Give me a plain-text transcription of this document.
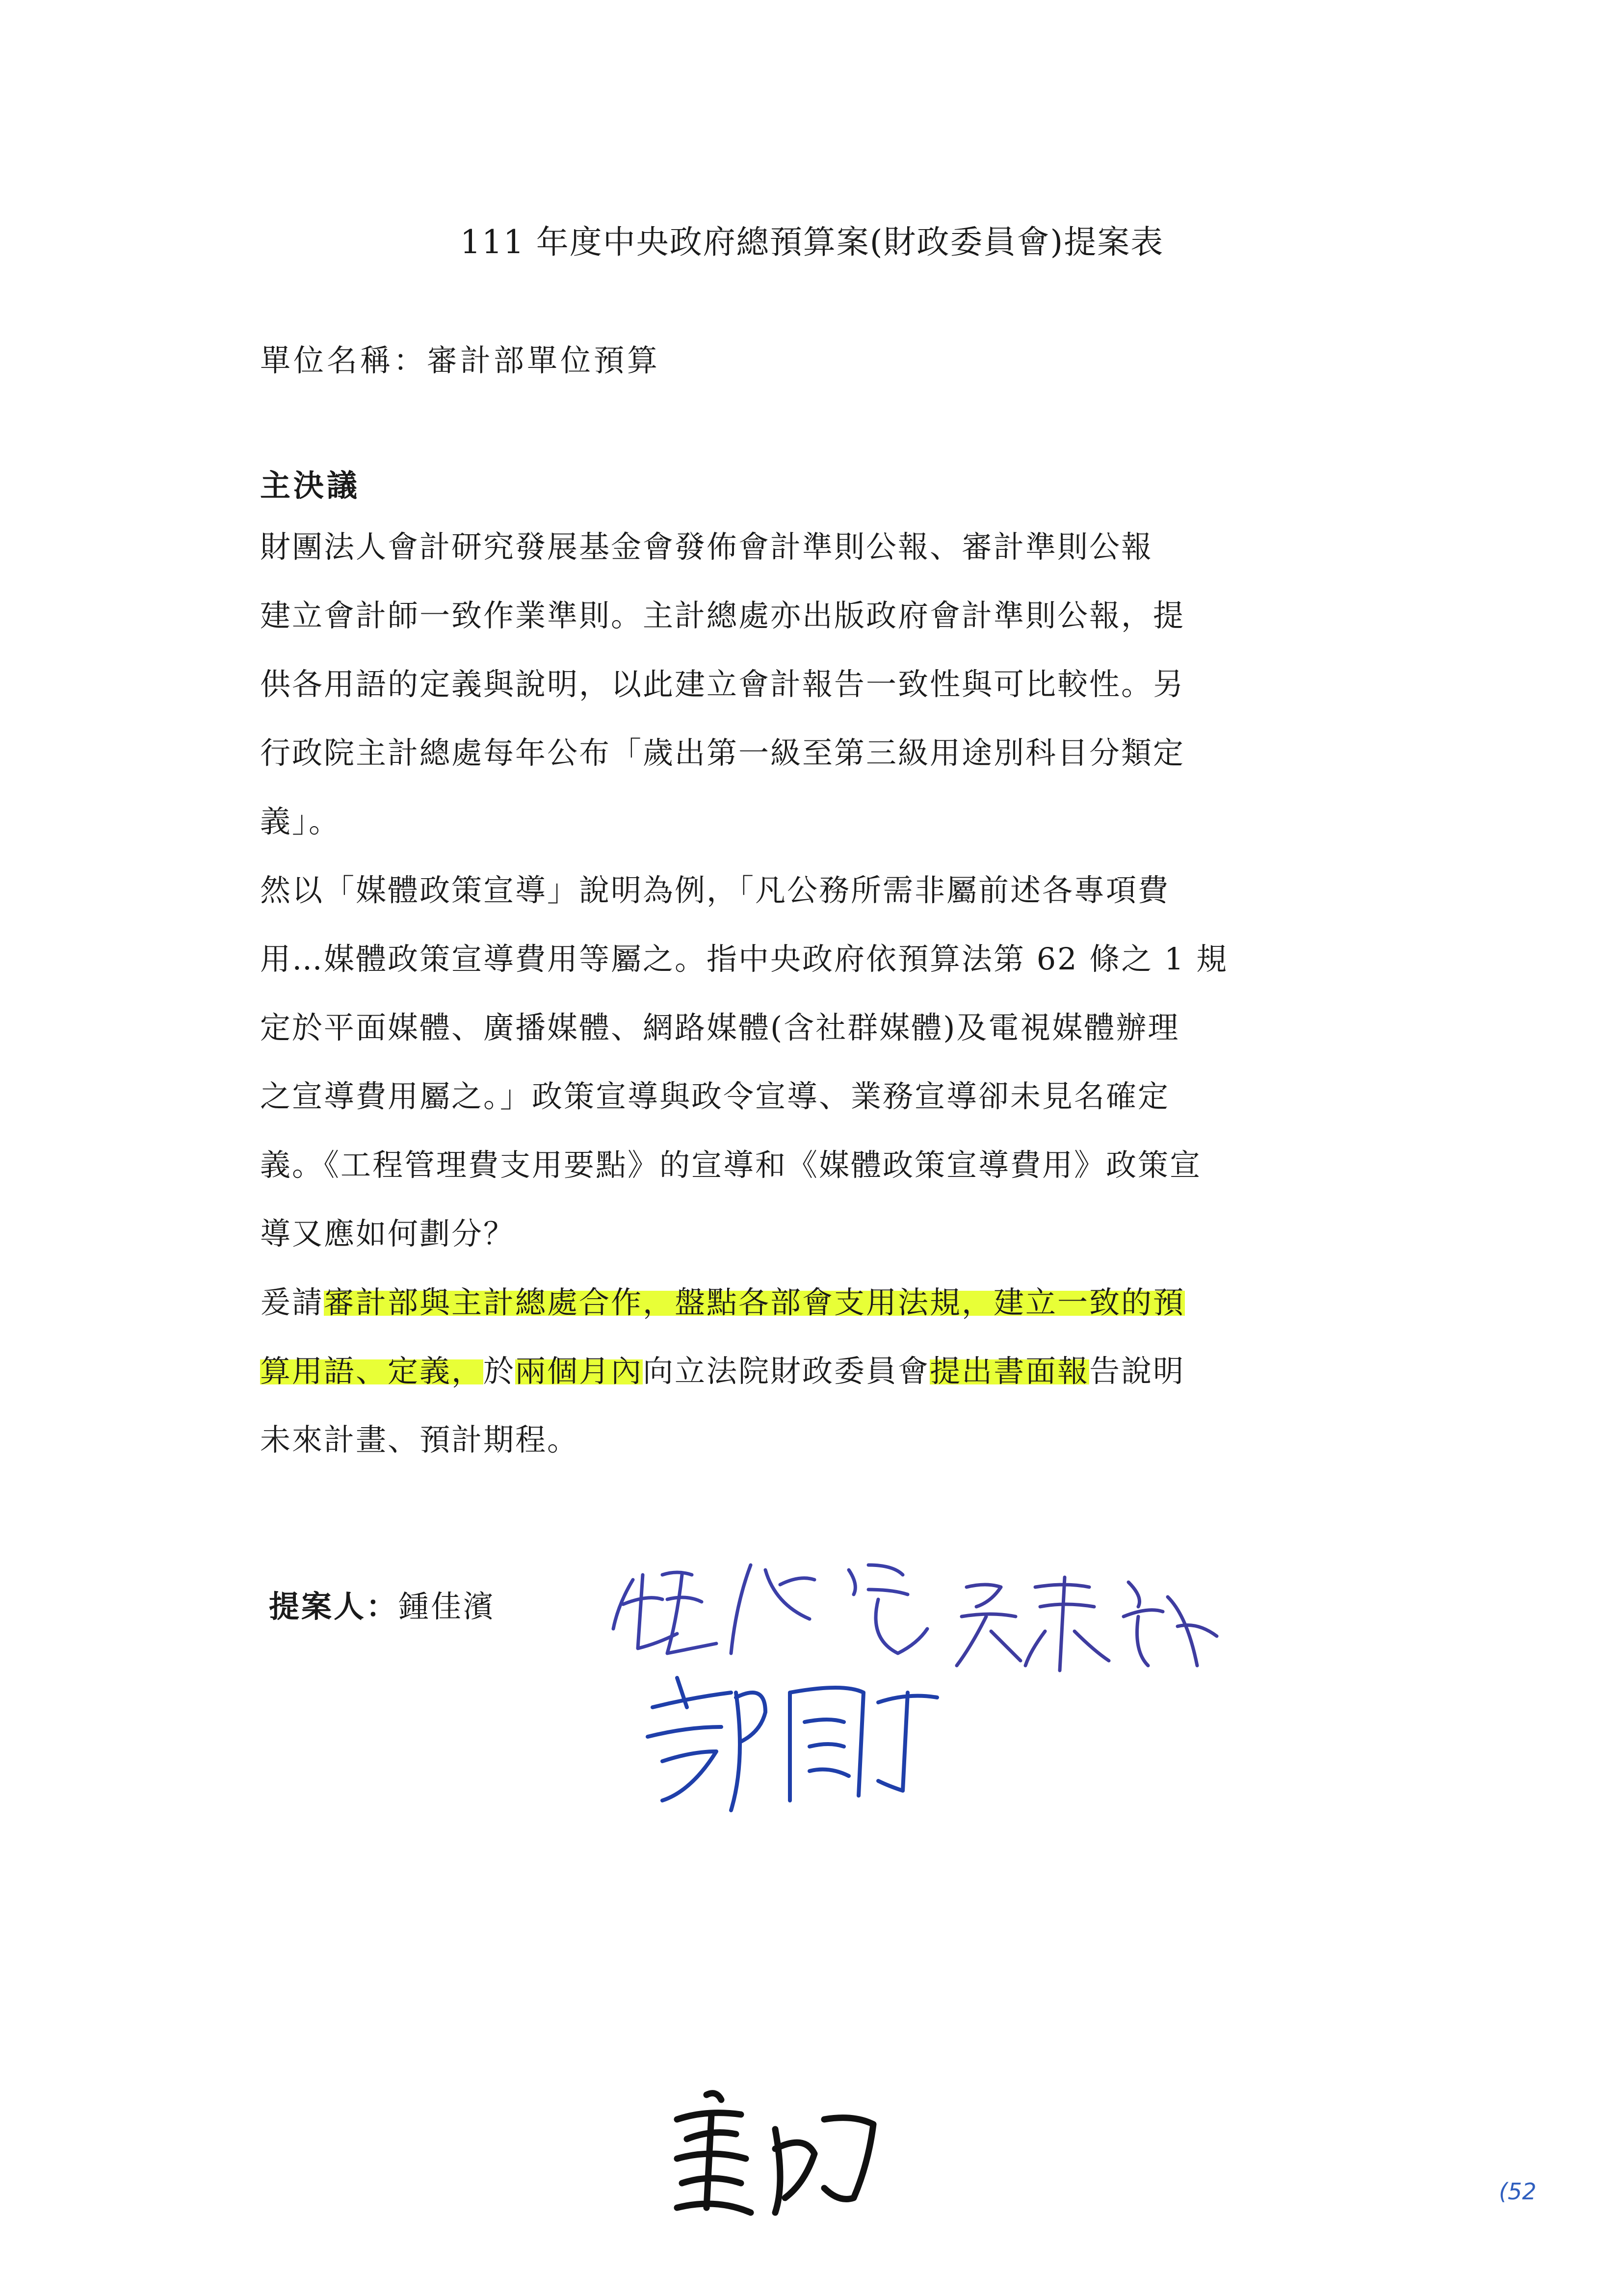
111 年度中央政府總預算案(財政委員會)提案表
單位名稱：審計部單位預算
主決議
財團法人會計研究發展基金會發佈會計準則公報、審計準則公報
建立會計師一致作業準則。主計總處亦出版政府會計準則公報，提
供各用語的定義與說明，以此建立會計報告一致性與可比較性。另
行政院主計總處每年公布「歲出第一級至第三級用途別科目分類定
義」。
然以「媒體政策宣導」說明為例，「凡公務所需非屬前述各專項費
用…媒體政策宣導費用等屬之。指中央政府依預算法第 62 條之 1 規
定於平面媒體、廣播媒體、網路媒體(含社群媒體)及電視媒體辦理
之宣導費用屬之。」政策宣導與政令宣導、業務宣導卻未見名確定
義。《工程管理費支用要點》的宣導和《媒體政策宣導費用》政策宣
導又應如何劃分？
爰請審計部與主計總處合作，盤點各部會支用法規，建立一致的預
算用語、定義，於兩個月內向立法院財政委員會提出書面報告說明
未來計畫、預計期程。
提案人：鍾佳濱
(52
